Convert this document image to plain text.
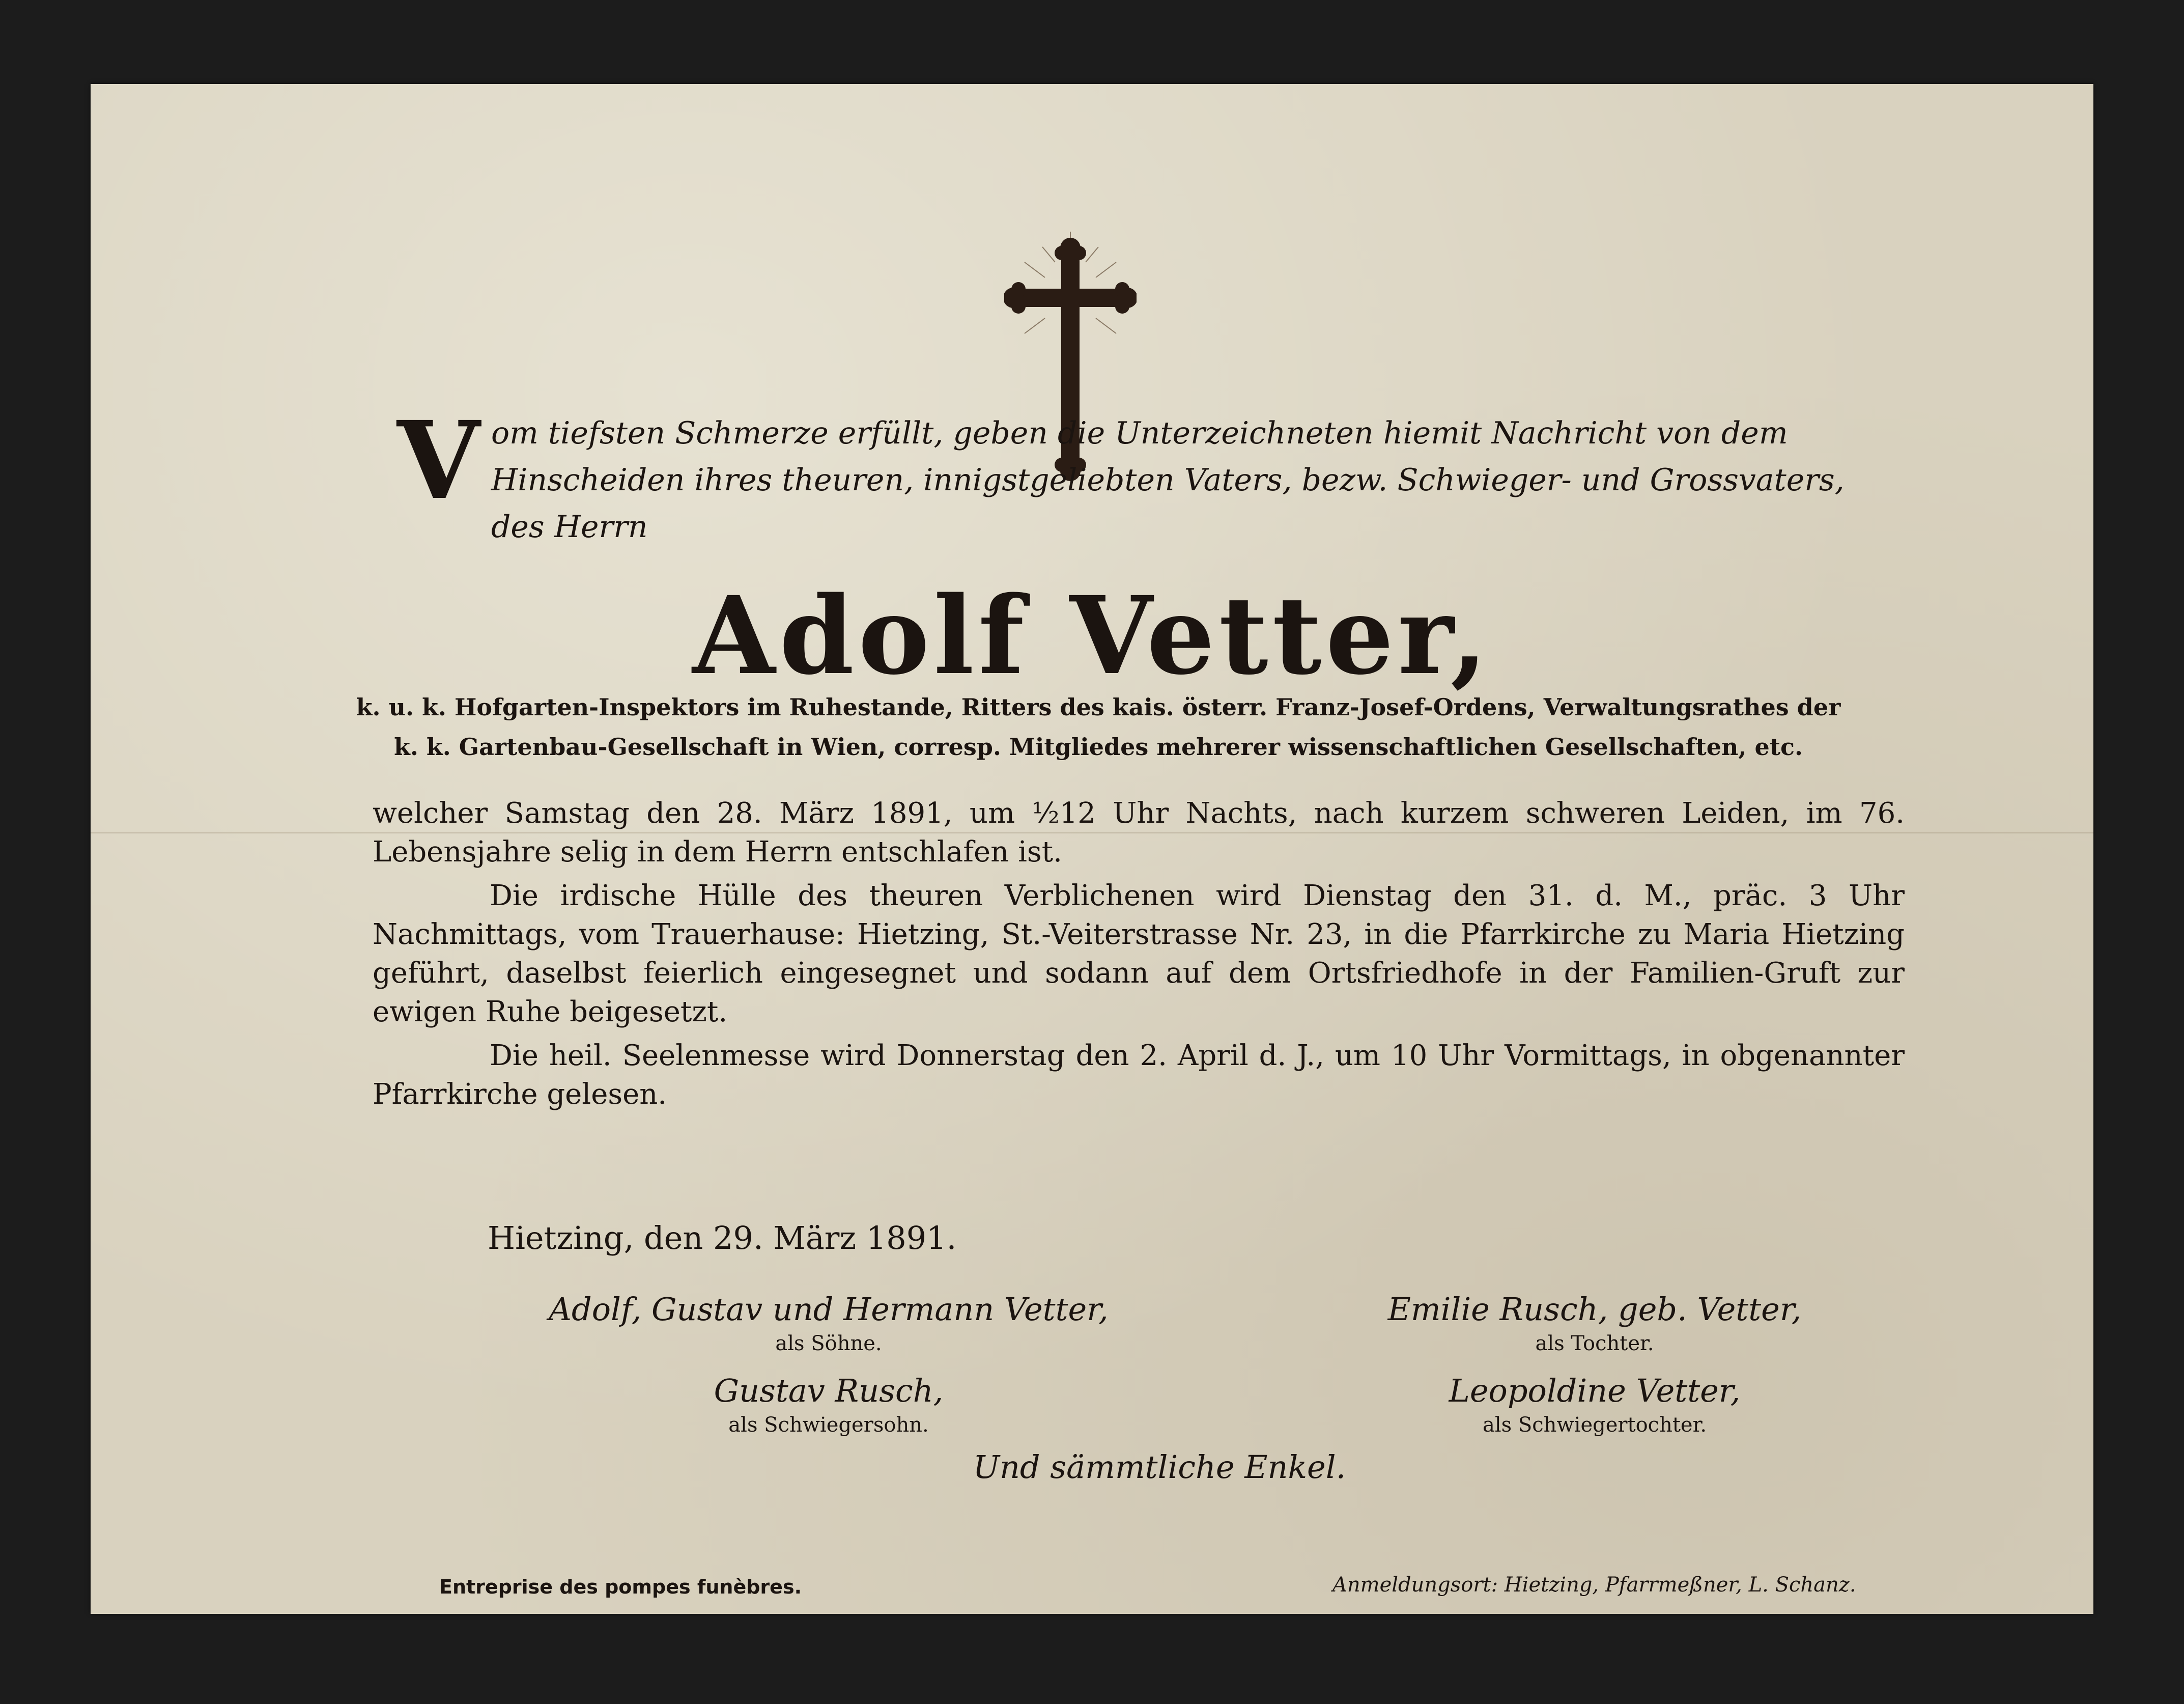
V om tiefsten Schmerze erfüllt, geben die Unterzeichneten hiemit Nachricht von dem Hinscheiden ihres theuren, innigstgeliebten Vaters, bezw. Schwieger- und Grossvaters, des Herrn
Adolf Vetter,
k. u. k. Hofgarten-Inspektors im Ruhestande, Ritters des kais. österr. Franz-Josef-Ordens, Verwaltungsrathes der
k. k. Gartenbau-Gesellschaft in Wien, corresp. Mitgliedes mehrerer wissenschaftlichen Gesellschaften, etc.

welcher Samstag den 28. März 1891, um ½12 Uhr Nachts, nach kurzem schweren Leiden, im 76. Lebensjahre selig in dem Herrn entschlafen ist.

Die irdische Hülle des theuren Verblichenen wird Dienstag den 31. d. M., präc. 3 Uhr Nachmittags, vom Trauerhause: Hietzing, St.-Veiterstrasse Nr. 23, in die Pfarrkirche zu Maria Hietzing geführt, daselbst feierlich eingesegnet und sodann auf dem Ortsfriedhofe in der Familien-Gruft zur ewigen Ruhe beigesetzt.

Die heil. Seelenmesse wird Donnerstag den 2. April d. J., um 10 Uhr Vormittags, in obgenannter Pfarrkirche gelesen.

Hietzing, den 29. März 1891.
Adolf, Gustav und Hermann Vetter,
als Söhne.
Emilie Rusch, geb. Vetter,
als Tochter.
Gustav Rusch,
als Schwiegersohn.
Leopoldine Vetter,
als Schwiegertochter.
Und sämmtliche Enkel.
Entreprise des pompes funèbres.	Anmeldungsort: Hietzing, Pfarrmeßner, L. Schanz.
